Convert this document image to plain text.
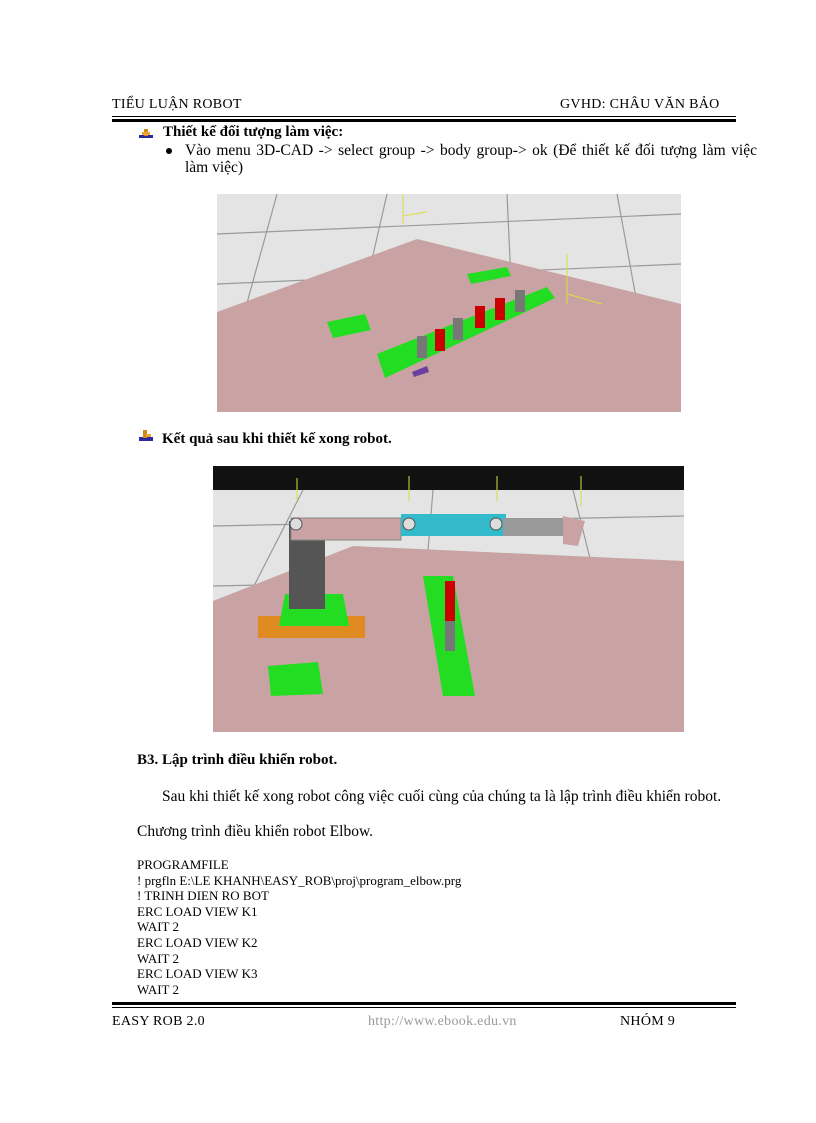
TIỂU LUẬN ROBOT	GVHD: CHÂU VĂN BẢO
Thiết kế đối tượng làm việc:
Vào menu 3D-CAD -> select group -> body group-> ok (Để thiết kế đối tượng làm việc làm việc)
Kết quả sau khi thiết kế xong robot.
B3. Lập trình điều khiển robot.
Sau khi thiết kế xong robot công việc cuối cùng của chúng ta là lập trình điều khiển robot.
Chương trình điều khiển robot Elbow.
PROGRAMFILE
! prgfln E:\LE KHANH\EASY_ROB\proj\program_elbow.prg
! TRINH DIEN RO BOT
ERC LOAD VIEW K1
WAIT 2
ERC LOAD VIEW K2
WAIT 2
ERC LOAD VIEW K3
WAIT 2
EASY ROB 2.0	http://www.ebook.edu.vn	NHÓM 9
